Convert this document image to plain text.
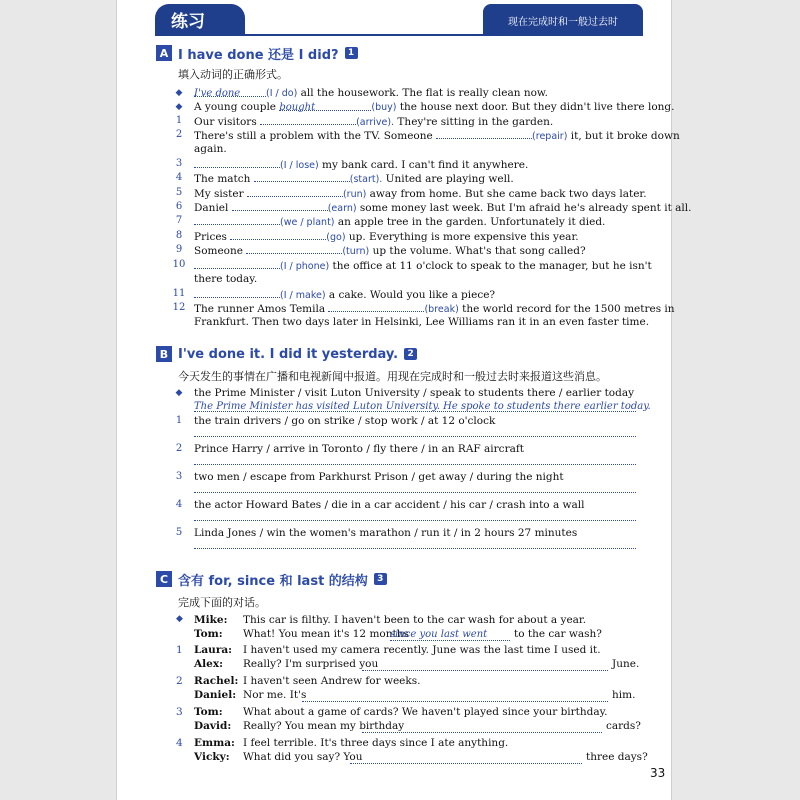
练习	现在完成时和一般过去时
A I have done 还是 I did?	1
填入动词的正确形式。
◆	I've done	(I / do) all the housework. The flat is really clean now.
◆	A young couple bought	(buy) the house next door. But they didn't live there long.
1	Our visitors	(arrive). They're sitting in the garden.
2	There's still a problem with the TV. Someone	(repair) it, but it broke down
again.
3	(I / lose) my bank card. I can't find it anywhere.
4	The match	(start). United are playing well.
5	My sister	(run) away from home. But she came back two days later.
6	Daniel	(earn) some money last week. But I'm afraid he's already spent it all.
7	(we / plant) an apple tree in the garden. Unfortunately it died.
8	Prices	(go) up. Everything is more expensive this year.
9	Someone	(turn) up the volume. What's that song called?
10	(I / phone) the office at 11 o'clock to speak to the manager, but he isn't
there today.
11	(I / make) a cake. Would you like a piece?
12 The runner Amos Temila	(break) the world record for the 1500 metres in
Frankfurt. Then two days later in Helsinki, Lee Williams ran it in an even faster time.
B I've done it. I did it yesterday.	2
今天发生的事情在广播和电视新闻中报道。用现在完成时和一般过去时来报道这些消息。
◆	the Prime Minister / visit Luton University / speak to students there / earlier today
The Prime Minister has visited Luton University. He spoke to students there earlier today.
1	the train drivers / go on strike / stop work / at 12 o'clock
2	Prince Harry / arrive in Toronto / fly there / in an RAF aircraft
3	two men / escape from Parkhurst Prison / get away / during the night
4	the actor Howard Bates / die in a car accident / his car / crash into a wall
5	Linda Jones / win the women's marathon / run it / in 2 hours 27 minutes
C 含有 for, since 和 last 的结构	3
完成下面的对话。
◆ Mike: This car is filthy. I haven't been to the car wash for about a year.
Tom: What! You mean it's 12 months
since you last went	to the car wash?
1 Laura: I haven't used my camera recently. June was the last time I used it.
Alex: Really? I'm surprised you	June.
2 Rachel: I haven't seen Andrew for weeks.
Daniel: Nor me. It's	him.
3 Tom: What about a game of cards? We haven't played since your birthday.
David: Really? You mean my birthday	cards?
4 Emma: I feel terrible. It's three days since I ate anything.
Vicky: What did you say? You	three days?
33
